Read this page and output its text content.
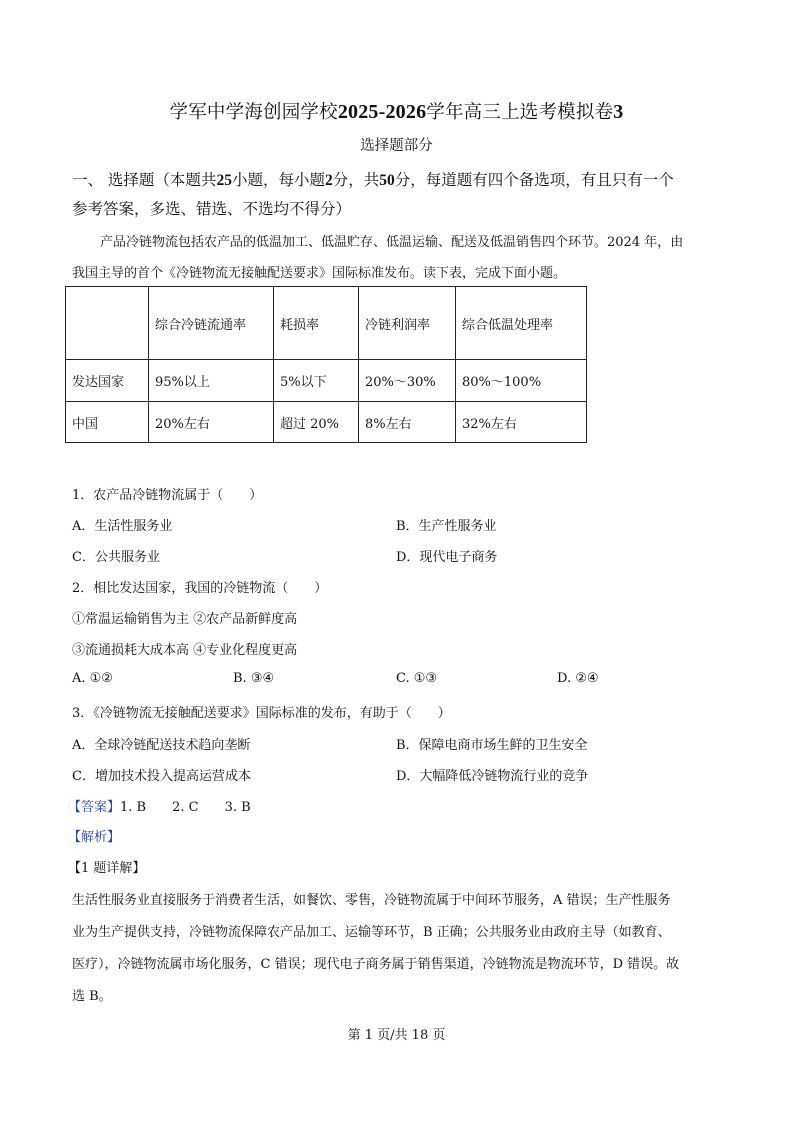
学军中学海创园学校2025-2026学年高三上选考模拟卷3
选择题部分
一、 选择题（本题共25小题，每小题2分，共50分，每道题有四个备选项，有且只有一个
参考答案，多选、错选、不选均不得分）
产品冷链物流包括农产品的低温加工、低温贮存、低温运输、配送及低温销售四个环节。2024 年，由
我国主导的首个《冷链物流无接触配送要求》国际标准发布。读下表，完成下面小题。
	综合冷链流通率	耗损率	冷链利润率	综合低温处理率
发达国家	95%以上	5%以下	20%～30%	80%～100%
中国	20%左右	超过 20%	8%左右	32%左右
1．农产品冷链物流属于（　　）
A．生活性服务业	B．生产性服务业
C．公共服务业	D．现代电子商务
2．相比发达国家，我国的冷链物流（　　）
①常温运输销售为主 ②农产品新鲜度高
③流通损耗大成本高 ④专业化程度更高
A. ①②	B. ③④	C. ①③	D. ②④
3．《冷链物流无接触配送要求》国际标准的发布，有助于（　　）
A．全球冷链配送技术趋向垄断	B．保障电商市场生鲜的卫生安全
C．增加技术投入提高运营成本	D．大幅降低冷链物流行业的竞争
【答案】1. B　　2. C　　3. B
【解析】
【1 题详解】
生活性服务业直接服务于消费者生活，如餐饮、零售，冷链物流属于中间环节服务，A 错误；生产性服务
业为生产提供支持，冷链物流保障农产品加工、运输等环节，B 正确；公共服务业由政府主导（如教育、
医疗），冷链物流属市场化服务，C 错误；现代电子商务属于销售渠道，冷链物流是物流环节，D 错误。故
选 B。
第 1 页/共 18 页
